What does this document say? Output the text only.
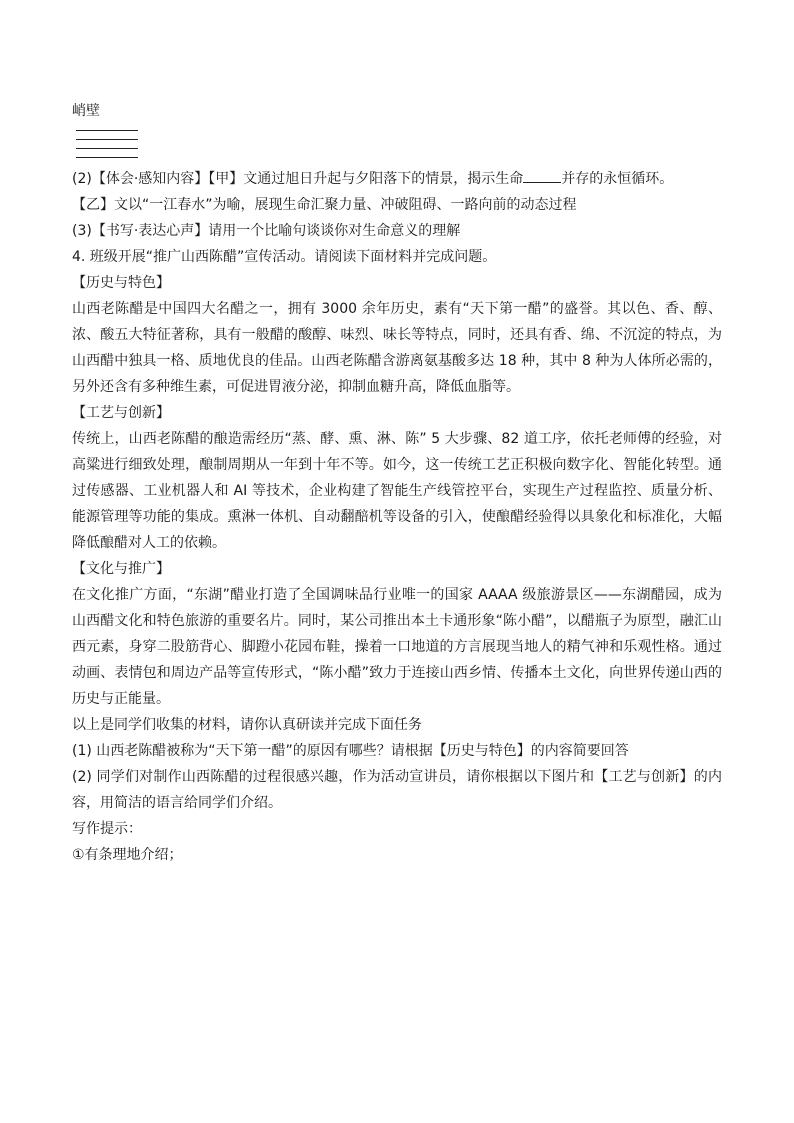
峭壁

(2)【体会·感知内容】【甲】文通过旭日升起与夕阳落下的情景，揭示生命	并存的永恒循环。

【乙】文以“一江春水”为喻，展现生命汇聚力量、冲破阻碍、一路向前的动态过程

(3)【书写·表达心声】请用一个比喻句谈谈你对生命意义的理解

4. 班级开展“推广山西陈醋”宣传活动。请阅读下面材料并完成问题。

【历史与特色】

山西老陈醋是中国四大名醋之一，拥有 3000 余年历史，素有“天下第一醋”的盛誉。其以色、香、醇、浓、酸五大特征著称，具有一般醋的酸醇、味烈、味长等特点，同时，还具有香、绵、不沉淀的特点，为山西醋中独具一格、质地优良的佳品。山西老陈醋含游离氨基酸多达 18 种，其中 8 种为人体所必需的，另外还含有多种维生素，可促进胃液分泌，抑制血糖升高，降低血脂等。

【工艺与创新】

传统上，山西老陈醋的酿造需经历“蒸、酵、熏、淋、陈” 5 大步骤、82 道工序，依托老师傅的经验，对高粱进行细致处理，酿制周期从一年到十年不等。如今，这一传统工艺正积极向数字化、智能化转型。通过传感器、工业机器人和 AI 等技术，企业构建了智能生产线管控平台，实现生产过程监控、质量分析、能源管理等功能的集成。熏淋一体机、自动翻醅机等设备的引入，使酿醋经验得以具象化和标准化，大幅降低酿醋对人工的依赖。

【文化与推广】

在文化推广方面，“东湖”醋业打造了全国调味品行业唯一的国家 AAAA 级旅游景区——东湖醋园，成为山西醋文化和特色旅游的重要名片。同时，某公司推出本土卡通形象“陈小醋”，以醋瓶子为原型，融汇山西元素，身穿二股筋背心、脚蹬小花园布鞋，操着一口地道的方言展现当地人的精气神和乐观性格。通过动画、表情包和周边产品等宣传形式，“陈小醋”致力于连接山西乡情、传播本土文化，向世界传递山西的历史与正能量。

以上是同学们收集的材料，请你认真研读并完成下面任务

(1) 山西老陈醋被称为“天下第一醋”的原因有哪些？请根据【历史与特色】的内容简要回答

(2) 同学们对制作山西陈醋的过程很感兴趣，作为活动宣讲员，请你根据以下图片和【工艺与创新】的内容，用简洁的语言给同学们介绍。

写作提示：

①有条理地介绍；
